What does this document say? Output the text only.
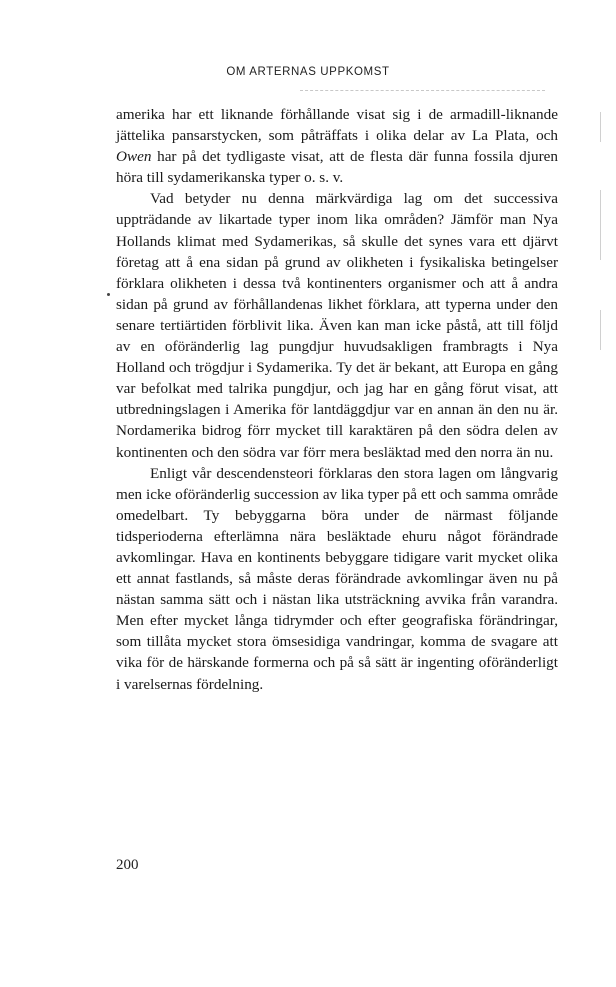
OM ARTERNAS UPPKOMST

amerika har ett liknande förhållande visat sig i de armadill-liknande jättelika pansarstycken, som påträffats i olika delar av La Plata, och Owen har på det tydligaste visat, att de flesta där funna fossila djuren höra till sydamerikanska typer o. s. v.

Vad betyder nu denna märkvärdiga lag om det successiva uppträdande av likartade typer inom lika områden? Jämför man Nya Hollands klimat med Sydamerikas, så skulle det synes vara ett djärvt företag att å ena sidan på grund av olikheten i fysikaliska betingelser förklara olikheten i dessa två kontinenters organismer och att å andra sidan på grund av förhållandenas likhet förklara, att typerna under den senare tertiärtiden förblivit lika. Även kan man icke påstå, att till följd av en oföränderlig lag pungdjur huvudsakligen frambragts i Nya Holland och trögdjur i Sydamerika. Ty det är bekant, att Europa en gång var befolkat med talrika pungdjur, och jag har en gång förut visat, att utbredningslagen i Amerika för lantdäggdjur var en annan än den nu är. Nordamerika bidrog förr mycket till karaktären på den södra delen av kontinenten och den södra var förr mera besläktad med den norra än nu.

Enligt vår descendensteori förklaras den stora lagen om långvarig men icke oföränderlig succession av lika typer på ett och samma område omedelbart. Ty bebyggarna böra under de närmast följande tidsperioderna efterlämna nära besläktade ehuru något förändrade avkomlingar. Hava en kontinents bebyggare tidigare varit mycket olika ett annat fastlands, så måste deras förändrade avkomlingar även nu på nästan samma sätt och i nästan lika utsträckning avvika från varandra. Men efter mycket långa tidrymder och efter geografiska förändringar, som tillåta mycket stora ömsesidiga vandringar, komma de svagare att vika för de härskande formerna och på så sätt är ingenting oföränderligt i varelsernas fördelning.

200
